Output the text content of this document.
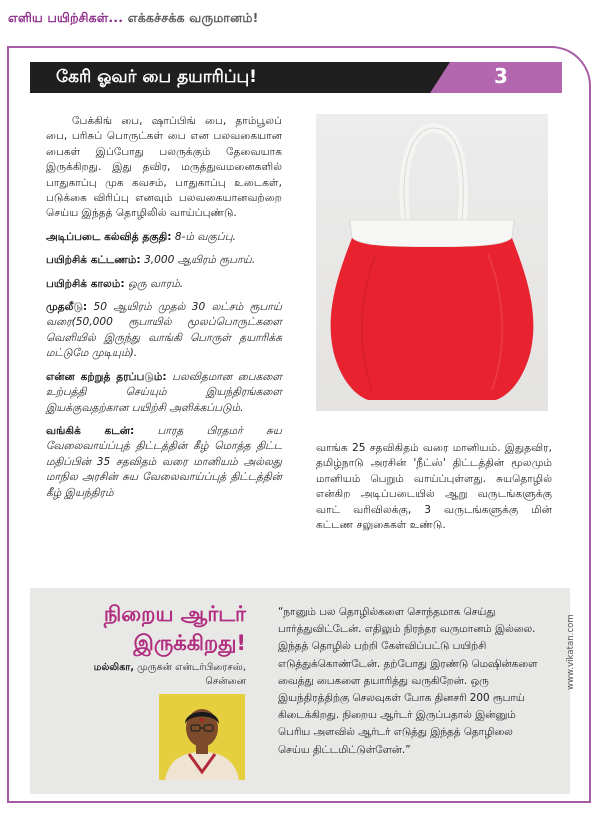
எளிய பயிற்சிகள்... எக்கச்சக்க வருமானம்!
கேரி ஓவர் பை தயாரிப்பு!	3

பேக்கிங் பை, ஷாப்பிங் பை, தாம்பூலப் பை, பரிசுப் பொருட்கள் பை என பலவகையான பைகள் இப்போது பலருக்கும் தேவையாக இருக்கிறது. இது தவிர, மருத்துவமனைகளில் பாதுகாப்பு முக கவசம், பாதுகாப்பு உடைகள், படுக்கை விரிப்பு எனவும் பலவகையானவற்றை செய்ய இந்தத் தொழிலில் வாய்ப்புண்டு.

அடிப்படை கல்வித் தகுதி: 8-ம் வகுப்பு.
பயிற்சிக் கட்டணம்: 3,000 ஆயிரம் ரூபாய்.
பயிற்சிக் காலம்: ஒரு வாரம்.
முதலீடு: 50 ஆயிரம் முதல் 30 லட்சம் ரூபாய் வரை(50,000 ரூபாயில் மூலப்பொருட்களை வெளியில் இருந்து வாங்கி பொருள் தயாரிக்க மட்டுமே முடியும்).
என்ன கற்றுத் தரப்படும்: பலவிதமான பைகளை உற்பத்தி செய்யும் இயந்திரங்களை இயக்குவதற்கான பயிற்சி அளிக்கப்படும்.
வங்கிக் கடன்: பாரத பிரதமர் சுய வேலைவாய்ப்புத் திட்டத்தின் கீழ் மொத்த திட்ட மதிப்பின் 35 சதவிதம் வரை மானியம் அல்லது மாநில அரசின் சுய வேலைவாய்ப்புத் திட்டத்தின் கீழ் இயந்திரம்
வாங்க 25 சதவிகிதம் வரை மானியம். இதுதவிர, தமிழ்நாடு அரசின் 'நீட்ஸ்' திட்டத்தின் மூலமும் மானியம் பெறும் வாய்ப்புள்ளது. சுயதொழில் என்கிற அடிப்படையில் ஆறு வருடங்களுக்கு வாட் வரிவிலக்கு, 3 வருடங்களுக்கு மின் கட்டண சலுகைகள் உண்டு.
நிறைய ஆர்டர்
இருக்கிறது!
மல்லிகா, முருகன் என்டர்பிரைசஸ்,
சென்னை
“நானும் பல தொழில்களை சொந்தமாக செய்து பார்த்துவிட்டேன். எதிலும் நிரந்தர வருமானம் இல்லை. இந்தத் தொழில் பற்றி கேள்விப்பட்டு பயிற்சி எடுத்துக்கொண்டேன். தற்போது இரண்டு மெஷின்களை வைத்து பைகளை தயாரித்து வருகிறேன். ஒரு இயந்திரத்திற்கு செலவுகள் போக தினசரி 200 ரூபாய் கிடைக்கிறது. நிறைய ஆர்டர் இருப்பதால் இன்னும் பெரிய அளவில் ஆர்டர் எடுத்து இந்தத் தொழிலை செய்ய திட்டமிட்டுள்ளேன்.”
www.vikatan.com
